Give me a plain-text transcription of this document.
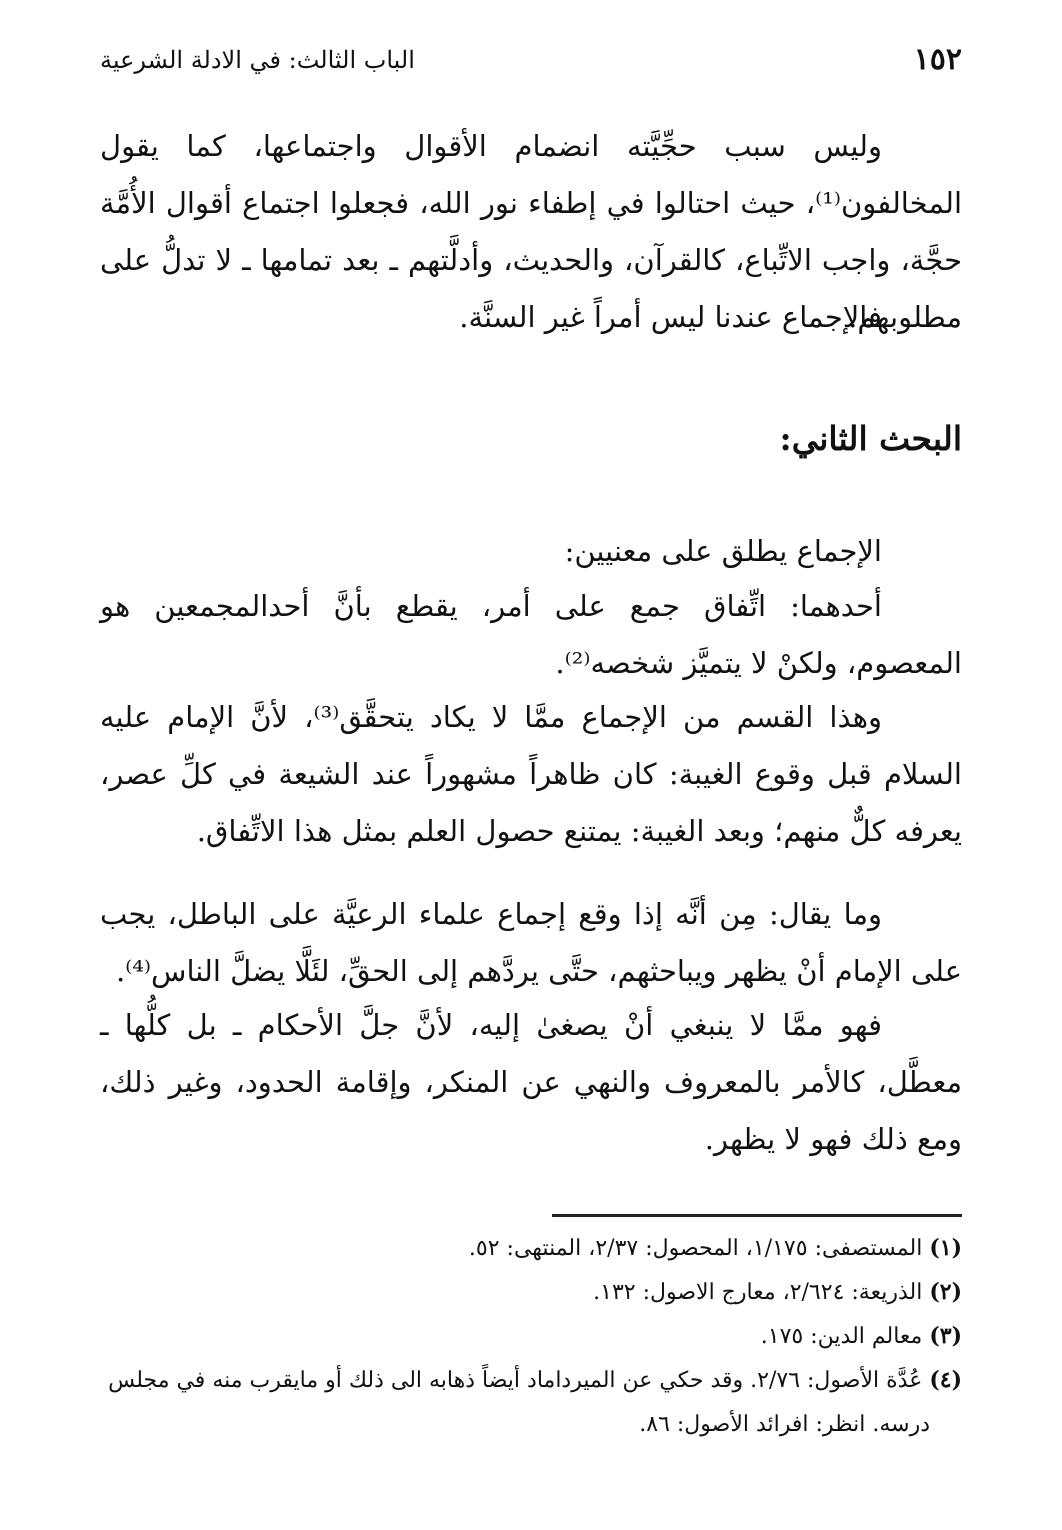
١٥٢
الباب الثالث: في الادلة الشرعية

وليس سبب حجِّيَّته انضمام الأقوال واجتماعها، كما يقول المخالفون⁽¹⁾، حيث احتالوا في إطفاء نور الله، فجعلوا اجتماع أقوال الأُمَّة حجَّة، واجب الاتِّباع، كالقرآن، والحديث، وأدلَّتهم ـ بعد تمامها ـ لا تدلُّ على مطلوبهم.

فالإجماع عندنا ليس أمراً غير السنَّة.

البحث الثاني:

الإجماع يطلق على معنيين:

أحدهما: اتِّفاق جمع على أمر، يقطع بأنَّ أحدالمجمعين هو المعصوم، ولكنْ لا يتميَّز شخصه⁽²⁾.

وهذا القسم من الإجماع ممَّا لا يكاد يتحقَّق⁽³⁾، لأنَّ الإمام عليه السلام قبل وقوع الغيبة: كان ظاهراً مشهوراً عند الشيعة في كلِّ عصر، يعرفه كلٌّ منهم؛ وبعد الغيبة: يمتنع حصول العلم بمثل هذا الاتِّفاق.

وما يقال: مِن أنَّه إذا وقع إجماع علماء الرعيَّة على الباطل، يجب على الإمام أنْ يظهر ويباحثهم، حتَّى يردَّهم إلى الحقِّ، لئَلَّا يضلَّ الناس⁽⁴⁾.

فهو ممَّا لا ينبغي أنْ يصغىٰ إليه، لأنَّ جلَّ الأحكام ـ بل كلُّها ـ معطَّل، كالأمر بالمعروف والنهي عن المنكر، وإقامة الحدود، وغير ذلك، ومع ذلك فهو لا يظهر.

(١) المستصفى: ١/١٧٥، المحصول: ٢/٣٧، المنتهى: ٥٢.

(٢) الذريعة: ٢/٦٢٤، معارج الاصول: ١٣٢.

(٣) معالم الدين: ١٧٥.

(٤) عُدَّة الأصول: ٢/٧٦. وقد حكي عن الميرداماد أيضاً ذهابه الى ذلك أو مايقرب منه في مجلس
درسه. انظر: افرائد الأصول: ٨٦.
